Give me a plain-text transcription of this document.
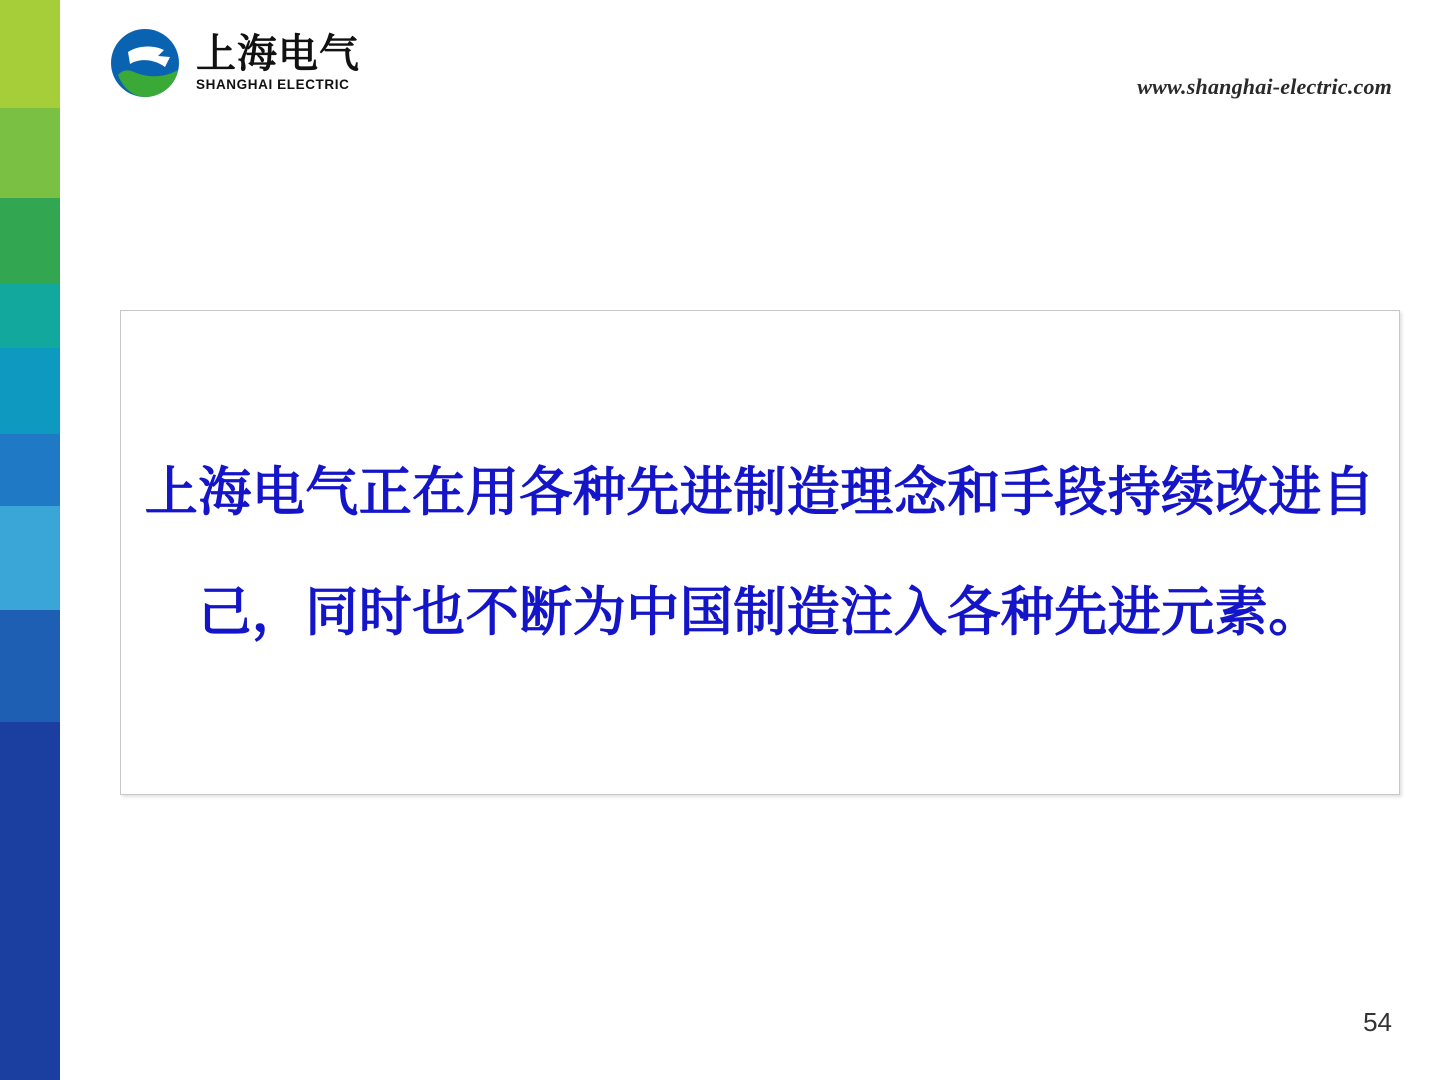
上海电气
SHANGHAI ELECTRIC	www.shanghai-electric.com

上海电气正在用各种先进制造理念和手段持续改进自己，同时也不断为中国制造注入各种先进元素。

54
